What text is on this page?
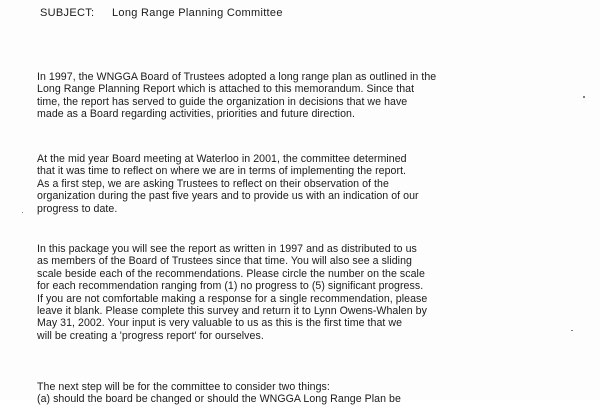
SUBJECT: Long Range Planning Committee
In 1997, the WNGGA Board of Trustees adopted a long range plan as outlined in the
Long Range Planning Report which is attached to this memorandum. Since that
time, the report has served to guide the organization in decisions that we have
made as a Board regarding activities, priorities and future direction.
At the mid year Board meeting at Waterloo in 2001, the committee determined
that it was time to reflect on where we are in terms of implementing the report.
As a first step, we are asking Trustees to reflect on their observation of the
organization during the past five years and to provide us with an indication of our
progress to date.
In this package you will see the report as written in 1997 and as distributed to us
as members of the Board of Trustees since that time. You will also see a sliding
scale beside each of the recommendations. Please circle the number on the scale
for each recommendation ranging from (1) no progress to (5) significant progress.
If you are not comfortable making a response for a single recommendation, please
leave it blank. Please complete this survey and return it to Lynn Owens-Whalen by
May 31, 2002. Your input is very valuable to us as this is the first time that we
will be creating a 'progress report' for ourselves.
The next step will be for the committee to consider two things:
(a) should the board be changed or should the WNGGA Long Range Plan be
